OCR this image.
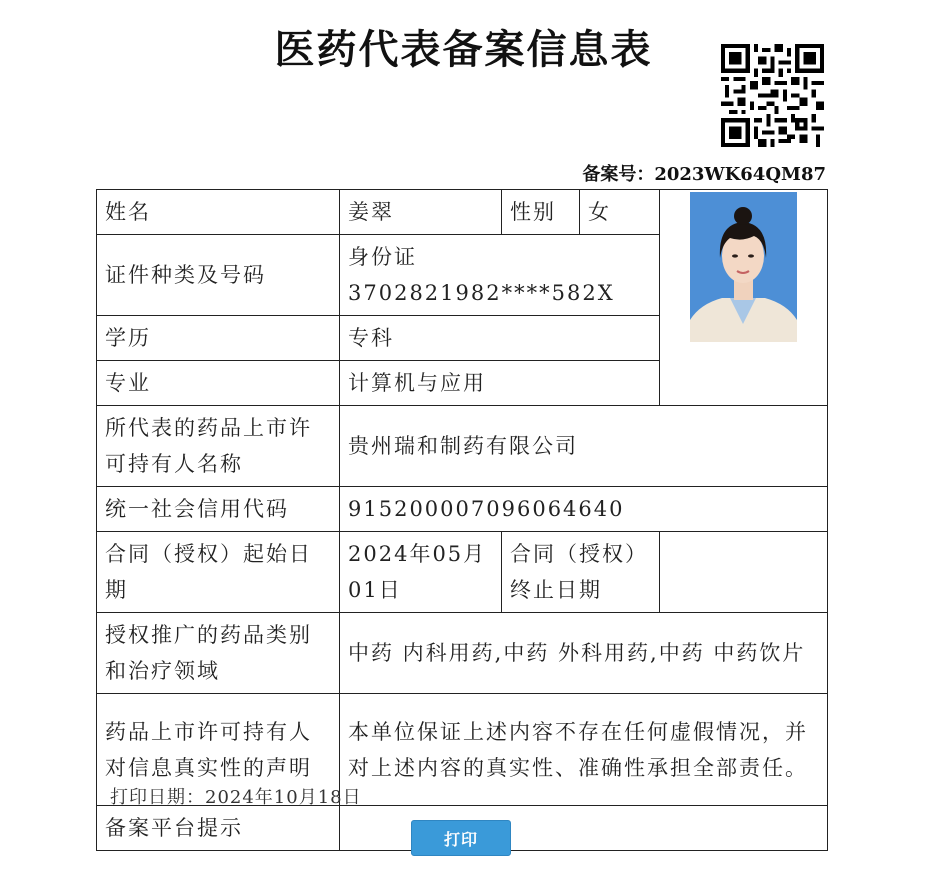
医药代表备案信息表
备案号：2023WK64QM87
姓名	姜翠	性别	女	

证件种类及号码	身份证 3702821982****582X			
学历	专科			
专业	计算机与应用			
所代表的药品上市许可持有人名称	贵州瑞和制药有限公司			
统一社会信用代码	915200007096064640			
合同（授权）起始日期	2024年05月01日	合同（授权）终止日期		
授权推广的药品类别和治疗领域	中药 内科用药,中药 外科用药,中药 中药饮片			
药品上市许可持有人对信息真实性的声明	本单位保证上述内容不存在任何虚假情况，并对上述内容的真实性、准确性承担全部责任。			
备案平台提示				
打印日期：2024年10月18日
打印
